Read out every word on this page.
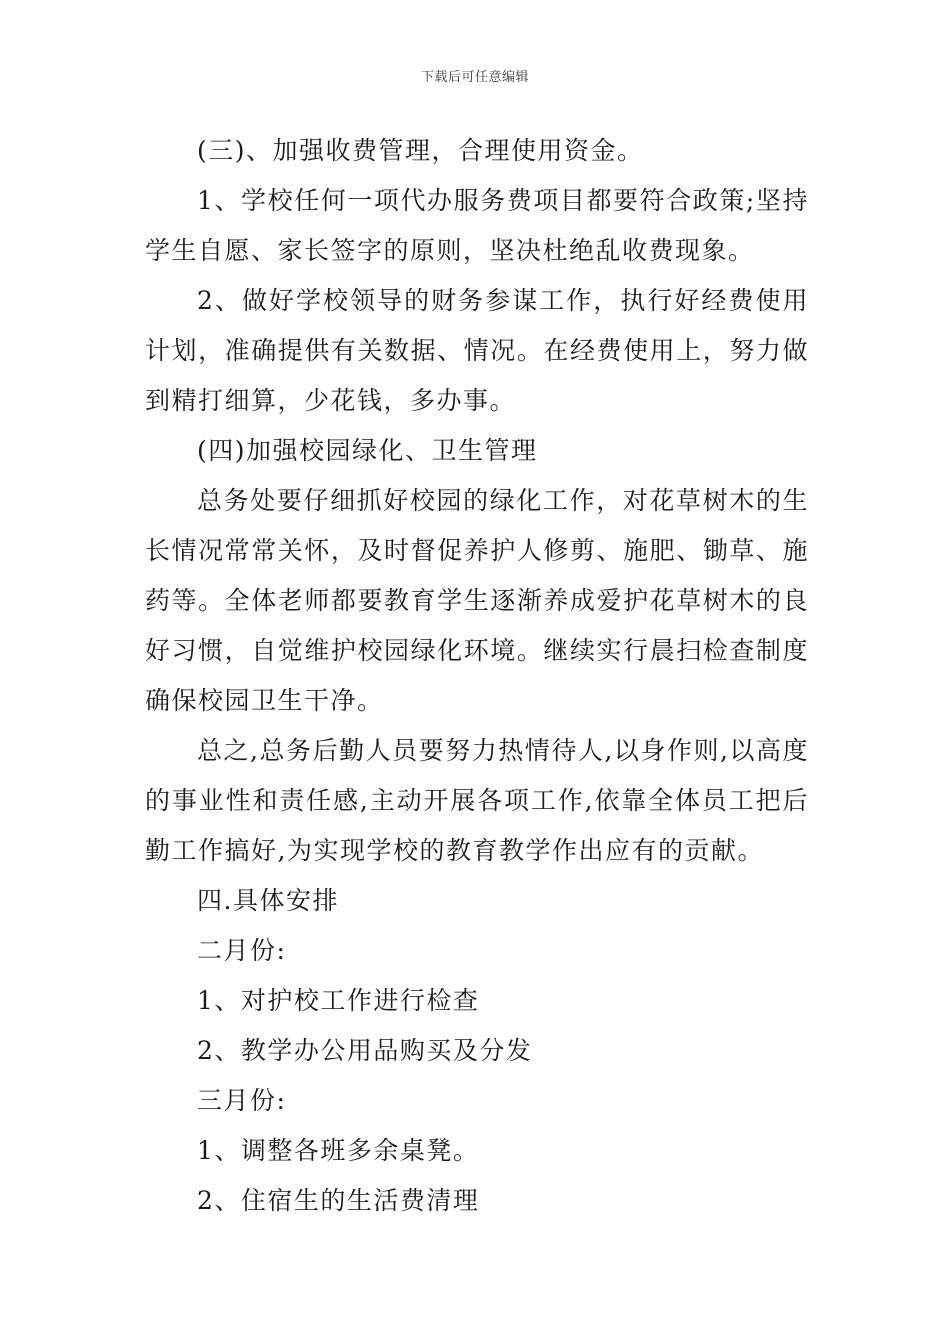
下载后可任意编辑

(三)、加强收费管理，合理使用资金。

1、学校任何一项代办服务费项目都要符合政策;坚持学生自愿、家长签字的原则，坚决杜绝乱收费现象。

2、做好学校领导的财务参谋工作，执行好经费使用计划，准确提供有关数据、情况。在经费使用上，努力做到精打细算，少花钱，多办事。

(四)加强校园绿化、卫生管理

总务处要仔细抓好校园的绿化工作，对花草树木的生长情况常常关怀，及时督促养护人修剪、施肥、锄草、施药等。全体老师都要教育学生逐渐养成爱护花草树木的良好习惯，自觉维护校园绿化环境。继续实行晨扫检查制度确保校园卫生干净。

总之,总务后勤人员要努力热情待人,以身作则,以高度的事业性和责任感,主动开展各项工作,依靠全体员工把后勤工作搞好,为实现学校的教育教学作出应有的贡献。

四.具体安排

二月份:

1、对护校工作进行检查

2、教学办公用品购买及分发

三月份:

1、调整各班多余桌凳。

2、住宿生的生活费清理
